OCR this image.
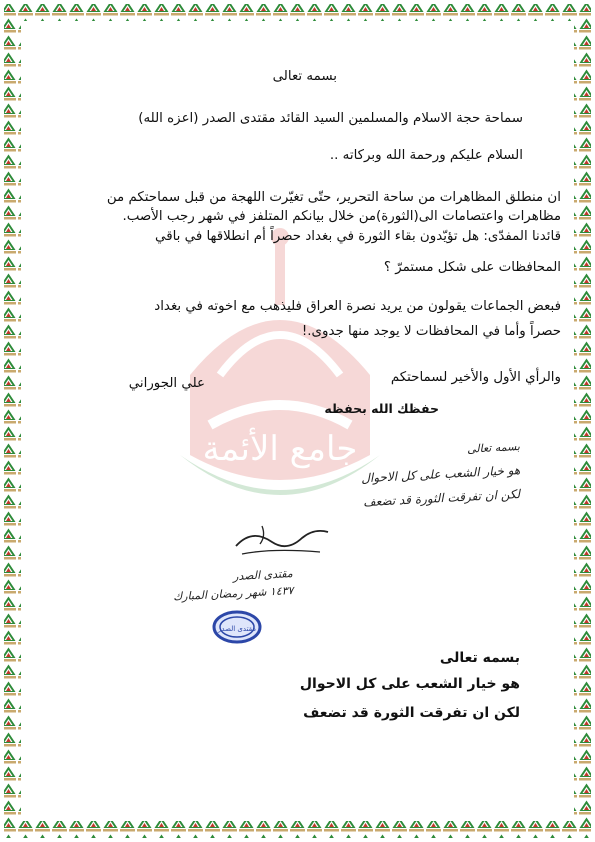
جامع الأئمة
بسمه تعالى
سماحة حجة الاسلام والمسلمين السيد القائد مقتدى الصدر (اعزه الله)
السلام عليكم ورحمة الله وبركاته ..
ان منطلق المظاهرات من ساحة التحرير، حتّى تغيّرت اللهجة من قبل سماحتكم من
مظاهرات واعتصامات الى(الثورة)من خلال بيانكم المتلفز في شهر رجب الأصب.
قائدنا المفدّى: هل تؤيّدون بقاء الثورة في بغداد حصراً أم انطلاقها في باقي
المحافظات على شكل مستمرّ ؟
فبعض الجماعات يقولون من يريد نصرة العراق فليذهب مع اخوته في بغداد
حصراً وأما في المحافظات لا يوجد منها جدوى.!
والرأي الأول والأخير لسماحتكم
علي الجوراني
حفظك الله بحفظه
بسمه تعالى
هو خيار الشعب على كل الاحوال
لكن ان تفرقت الثورة قد تضعف
مقتدى الصدر
١٤٣٧ شهر رمضان المبارك
مقتدى الصدر
بسمه تعالى
هو خيار الشعب على كل الاحوال
لكن ان تفرقت الثورة قد تضعف
